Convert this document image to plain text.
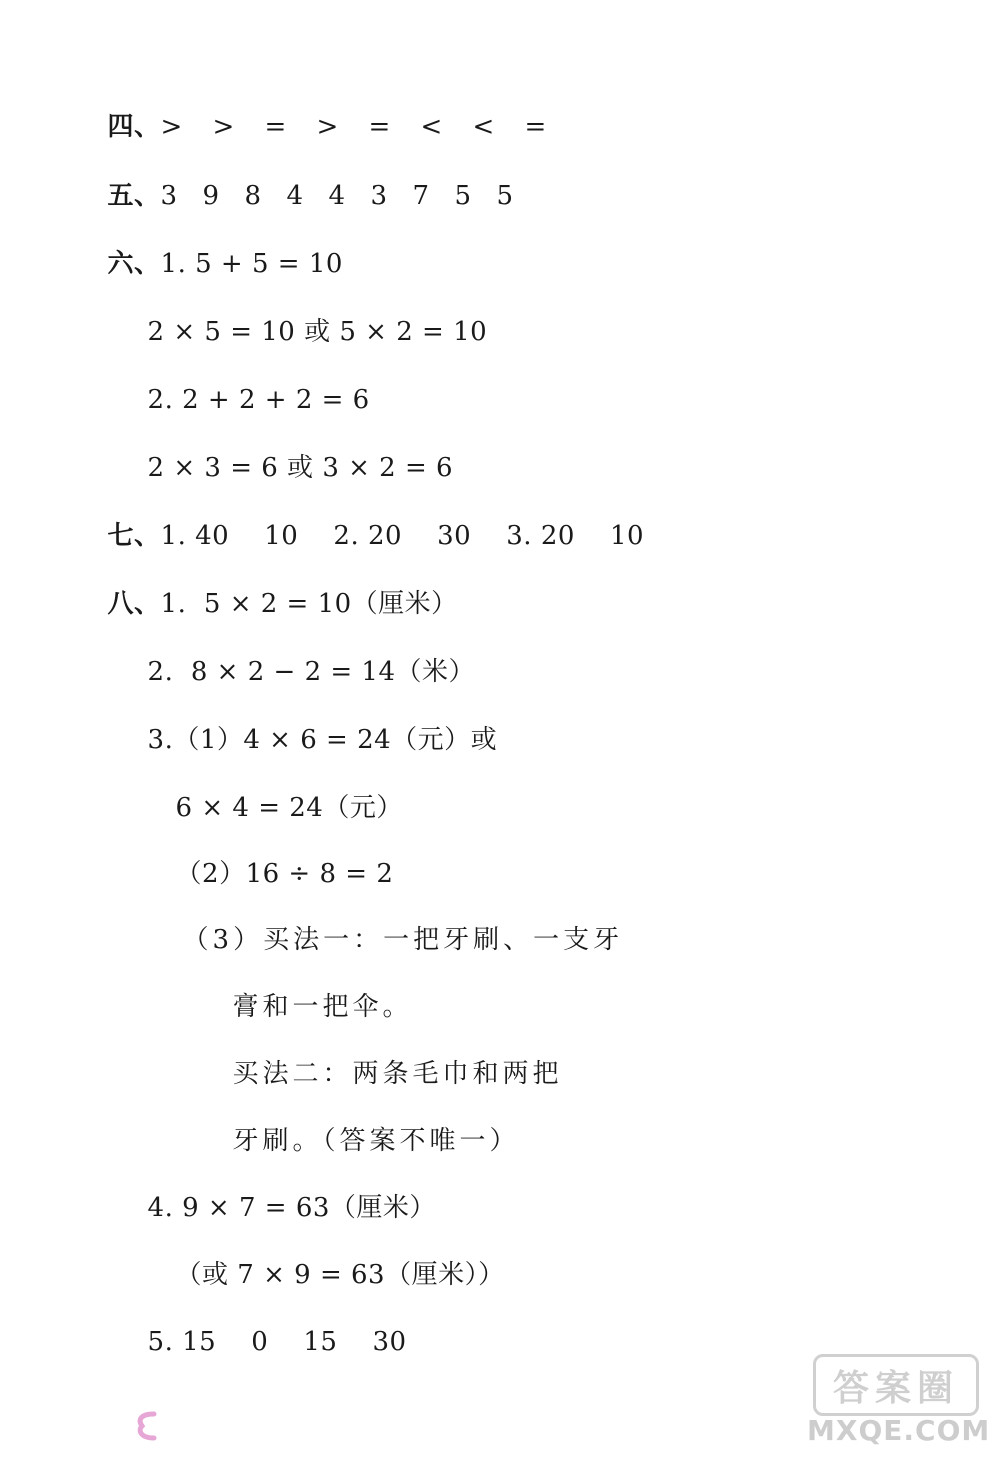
四、> > = > = < < =

五、3 9 8 4 4 3 7 5 5

六、1. 5 + 5 = 10

2 × 5 = 10 或 5 × 2 = 10

2. 2 + 2 + 2 = 6

2 × 3 = 6 或 3 × 2 = 6

七、1. 40    10    2. 20    30    3. 20    10

八、1.  5 × 2 = 10（厘米）

2.  8 × 2 − 2 = 14（米）

3.（1）4 × 6 = 24（元）或

6 × 4 = 24（元）

（2）16 ÷ 8 = 2

（3）买法一：一把牙刷、一支牙

膏和一把伞。

买法二：两条毛巾和两把

牙刷。（答案不唯一）

4. 9 × 7 = 63（厘米）

（或 7 × 9 = 63（厘米））

5. 15    0    15    30

答案圈
MXQE.COM
